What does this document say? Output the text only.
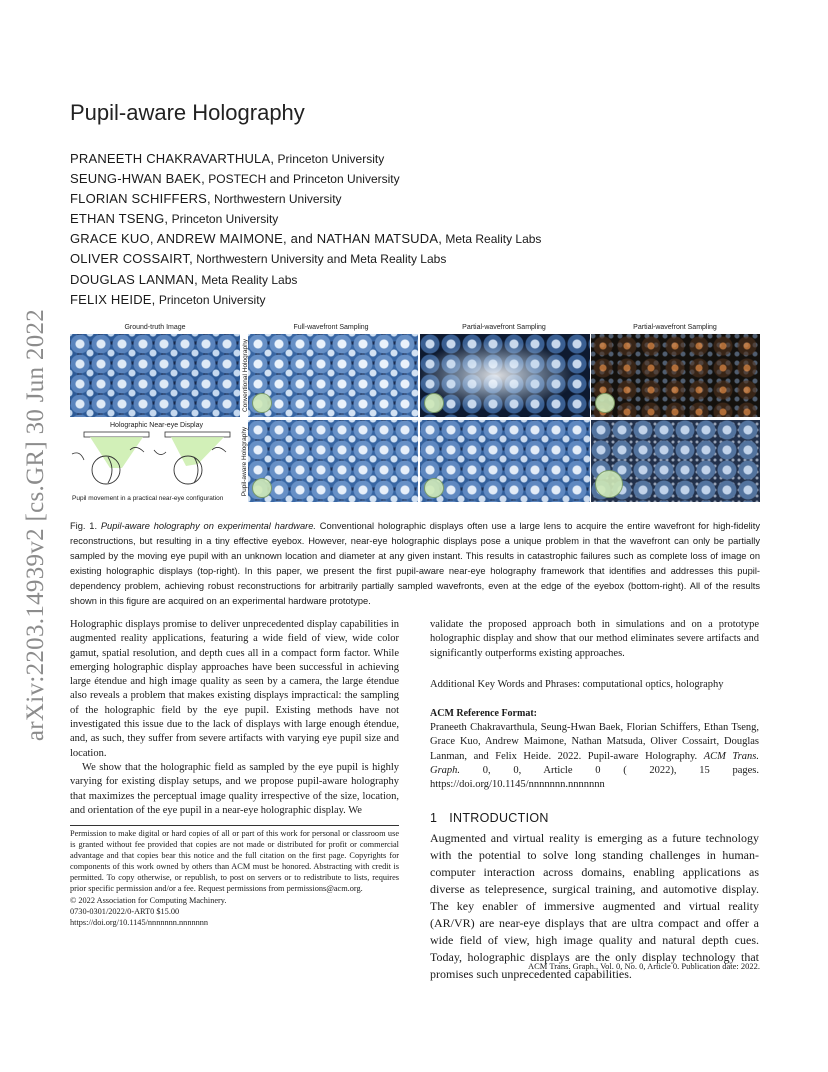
arXiv:2203.14939v2 [cs.GR] 30 Jun 2022
Pupil-aware Holography
PRANEETH CHAKRAVARTHULA, Princeton University
SEUNG-HWAN BAEK, POSTECH and Princeton University
FLORIAN SCHIFFERS, Northwestern University
ETHAN TSENG, Princeton University
GRACE KUO, ANDREW MAIMONE, and NATHAN MATSUDA, Meta Reality Labs
OLIVER COSSAIRT, Northwestern University and Meta Reality Labs
DOUGLAS LANMAN, Meta Reality Labs
FELIX HEIDE, Princeton University
Ground-truth Image	Full-wavefront Sampling	Partial-wavefront Sampling	Partial-wavefront Sampling
Holographic Near-eye Display
Pupil movement in a practical near-eye configuration
Conventional Holography
Pupil-aware Holography

Fig. 1. Pupil-aware holography on experimental hardware. Conventional holographic displays often use a large lens to acquire the entire wavefront for high-fidelity reconstructions, but resulting in a tiny effective eyebox. However, near-eye holographic displays pose a unique problem in that the wavefront can only be partially sampled by the moving eye pupil with an unknown location and diameter at any given instant. This results in catastrophic failures such as complete loss of image on existing holographic displays (top-right). In this paper, we present the first pupil-aware near-eye holography framework that identifies and addresses this pupil-dependency problem, achieving robust reconstructions for arbitrarily partially sampled wavefronts, even at the edge of the eyebox (bottom-right). All of the results shown in this figure are acquired on an experimental hardware prototype.

Holographic displays promise to deliver unprecedented display capabilities in augmented reality applications, featuring a wide field of view, wide color gamut, spatial resolution, and depth cues all in a compact form factor. While emerging holographic display approaches have been successful in achieving large étendue and high image quality as seen by a camera, the large étendue also reveals a problem that makes existing displays impractical: the sampling of the holographic field by the eye pupil. Existing methods have not investigated this issue due to the lack of displays with large enough étendue, and, as such, they suffer from severe artifacts with varying eye pupil size and location.

We show that the holographic field as sampled by the eye pupil is highly varying for existing display setups, and we propose pupil-aware holography that maximizes the perceptual image quality irrespective of the size, location, and orientation of the eye pupil in a near-eye holographic display. We

validate the proposed approach both in simulations and on a prototype holographic display and show that our method eliminates severe artifacts and significantly outperforms existing approaches.

Additional Key Words and Phrases: computational optics, holography

ACM Reference Format:

Praneeth Chakravarthula, Seung-Hwan Baek, Florian Schiffers, Ethan Tseng, Grace Kuo, Andrew Maimone, Nathan Matsuda, Oliver Cossairt, Douglas Lanman, and Felix Heide. 2022. Pupil-aware Holography. ACM Trans. Graph. 0, 0, Article 0 ( 2022), 15 pages. https://doi.org/10.1145/nnnnnnn.nnnnnnn

1 INTRODUCTION

Augmented and virtual reality is emerging as a future technology with the potential to solve long standing challenges in human-computer interaction across domains, enabling applications as diverse as telepresence, surgical training, and automotive display. The key enabler of immersive augmented and virtual reality (AR/VR) are near-eye displays that are ultra compact and offer a wide field of view, high image quality and natural depth cues. Today, holographic displays are the only display technology that promises such unprecedented capabilities.

Permission to make digital or hard copies of all or part of this work for personal or classroom use is granted without fee provided that copies are not made or distributed for profit or commercial advantage and that copies bear this notice and the full citation on the first page. Copyrights for components of this work owned by others than ACM must be honored. Abstracting with credit is permitted. To copy otherwise, or republish, to post on servers or to redistribute to lists, requires prior specific permission and/or a fee. Request permissions from permissions@acm.org.
© 2022 Association for Computing Machinery.
0730-0301/2022/0-ART0 $15.00
https://doi.org/10.1145/nnnnnnn.nnnnnnn
ACM Trans. Graph., Vol. 0, No. 0, Article 0. Publication date: 2022.
